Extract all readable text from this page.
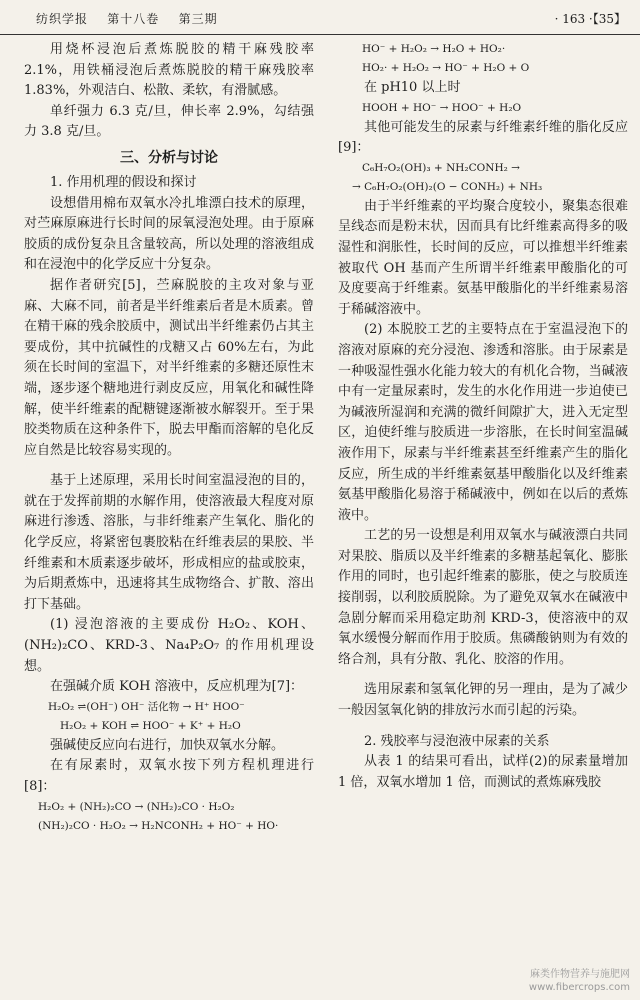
纺织学报 第十八卷 第三期	· 163 ·【35】

用烧杯浸泡后煮炼脱胶的精干麻残胶率2.1%，用铁桶浸泡后煮炼脱胶的精干麻残胶率1.83%，外观洁白、松散、柔软，有滑腻感。

单纤强力 6.3 克/旦，伸长率 2.9%，勾结强力 3.8 克/旦。

三、分析与讨论
1. 作用机理的假设和探讨

设想借用棉布双氧水冷扎堆漂白技术的原理，对苎麻原麻进行长时间的尿氧浸泡处理。由于原麻胶质的成份复杂且含量较高，所以处理的溶液组成和在浸泡中的化学反应十分复杂。

据作者研究[5]，苎麻脱胶的主攻对象与亚麻、大麻不同，前者是半纤维素后者是木质素。曾在精干麻的残余胶质中，测试出半纤维素仍占其主要成份，其中抗碱性的戊糖又占 60%左右，为此须在长时间的室温下，对半纤维素的多糖还原性末端，逐步逐个糖地进行剥皮反应，用氧化和碱性降解，使半纤维素的配糖键逐渐被水解裂开。至于果胶类物质在这种条件下，脱去甲酯而溶解的皂化反应自然是比较容易实现的。

基于上述原理，采用长时间室温浸泡的目的，就在于发挥前期的水解作用，使溶液最大程度对原麻进行渗透、溶胀，与非纤维素产生氧化、脂化的化学反应，将紧密包裹胶粘在纤维表层的果胶、半纤维素和木质素逐步破坏，形成相应的盐或胶束，为后期煮炼中，迅速将其生成物络合、扩散、溶出打下基础。

(1) 浸泡溶液的主要成份 H₂O₂、KOH、(NH₂)₂CO、KRD-3、Na₄P₂O₇ 的作用机理设想。

在强碱介质 KOH 溶液中，反应机理为[7]：

H₂O₂ ⇌(OH⁻) OH⁻ 活化物 → H⁺ HOO⁻
H₂O₂ + KOH ⇌ HOO⁻ + K⁺ + H₂O

强碱使反应向右进行，加快双氧水分解。

在有尿素时，双氧水按下列方程机理进行[8]：

H₂O₂ + (NH₂)₂CO → (NH₂)₂CO · H₂O₂
(NH₂)₂CO · H₂O₂ → H₂NCONH₂ + HO⁻ + HO·
HO⁻ + H₂O₂ → H₂O + HO₂·
HO₂· + H₂O₂ → HO⁻ + H₂O + O

在 pH10 以上时

HOOH + HO⁻ → HOO⁻ + H₂O

其他可能发生的尿素与纤维素纤维的脂化反应[9]：

C₆H₇O₂(OH)₃ + NH₂CONH₂ →
→ C₆H₇O₂(OH)₂(O − CONH₂) + NH₃

由于半纤维素的平均聚合度较小，聚集态很难呈线态而是粉末状，因而具有比纤维素高得多的吸湿性和润胀性，长时间的反应，可以推想半纤维素被取代 OH 基而产生所谓半纤维素甲酸脂化的可及度要高于纤维素。氨基甲酸脂化的半纤维素易溶于稀碱溶液中。

(2) 本脱胶工艺的主要特点在于室温浸泡下的溶液对原麻的充分浸泡、渗透和溶胀。由于尿素是一种吸湿性强水化能力较大的有机化合物，当碱液中有一定量尿素时，发生的水化作用进一步迫使已为碱液所湿润和充满的微纤间隙扩大，进入无定型区，迫使纤维与胶质进一步溶胀，在长时间室温碱液作用下，尿素与半纤维素甚至纤维素产生的脂化反应，所生成的半纤维素氨基甲酸脂化以及纤维素氨基甲酸脂化易溶于稀碱液中，例如在以后的煮炼液中。

工艺的另一设想是利用双氧水与碱液漂白共同对果胶、脂质以及半纤维素的多糖基起氧化、膨胀作用的同时，也引起纤维素的膨胀，使之与胶质连接削弱，以利胶质脱除。为了避免双氧水在碱液中急剧分解而采用稳定助剂 KRD-3，使溶液中的双氧水缓慢分解而作用于胶质。焦磷酸钠则为有效的络合剂，具有分散、乳化、胶溶的作用。

选用尿素和氢氧化钾的另一理由，是为了减少一般因氢氧化钠的排放污水而引起的污染。

2. 残胶率与浸泡液中尿素的关系

从表 1 的结果可看出，试样(2)的尿素量增加 1 倍，双氧水增加 1 倍，而测试的煮炼麻残胶

麻类作物营养与施肥网
www.fibercrops.com
